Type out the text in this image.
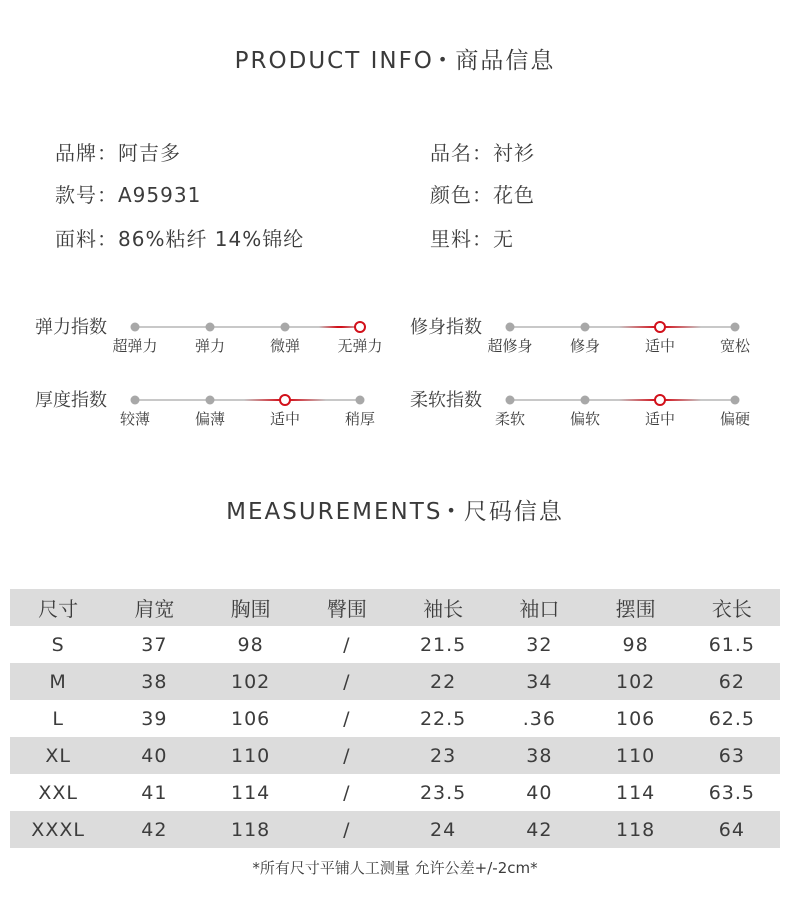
PRODUCT INFO • 商品信息
品牌：阿吉多	品名：衬衫
款号：A95931	颜色：花色
面料：86%粘纤 14%锦纶	里料：无
弹力指数
超弹力 弹力	微弹 无弹力
修身指数
超修身 修身	适中	宽松
厚度指数
较薄	偏薄	适中	稍厚
柔软指数
柔软	偏软	适中	偏硬
MEASUREMENTS • 尺码信息
尺寸	肩宽	胸围	臀围	袖长	袖口	摆围	衣长
S	37	98	/	21.5	32	98	61.5
M	38	102	/	22	34	102	62
L	39	106	/	22.5	.36	106	62.5
XL	40	110	/	23	38	110	63
XXL	41	114	/	23.5	40	114	63.5
XXXL	42	118	/	24	42	118	64
*所有尺寸平铺人工测量 允许公差+/-2cm*
